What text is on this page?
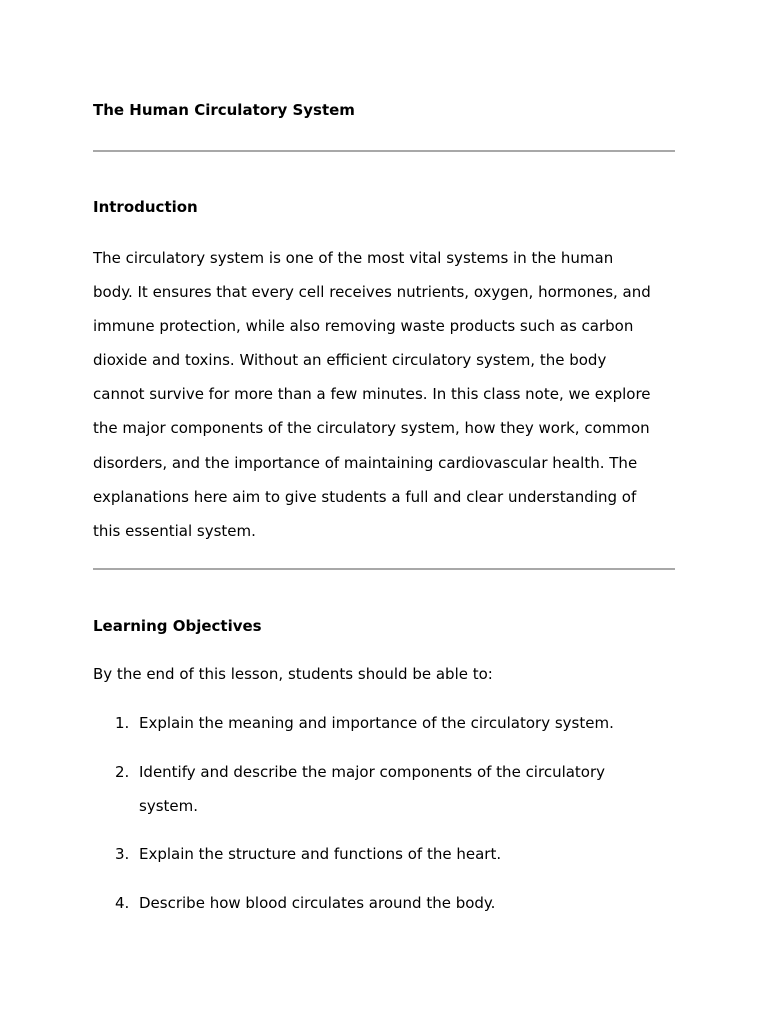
The Human Circulatory System
Introduction

The circulatory system is one of the most vital systems in the human
body. It ensures that every cell receives nutrients, oxygen, hormones, and
immune protection, while also removing waste products such as carbon
dioxide and toxins. Without an efficient circulatory system, the body
cannot survive for more than a few minutes. In this class note, we explore
the major components of the circulatory system, how they work, common
disorders, and the importance of maintaining cardiovascular health. The
explanations here aim to give students a full and clear understanding of
this essential system.

Learning Objectives

By the end of this lesson, students should be able to:

1. Explain the meaning and importance of the circulatory system.
2. Identify and describe the major components of the circulatory
system.
3. Explain the structure and functions of the heart.
4. Describe how blood circulates around the body.
